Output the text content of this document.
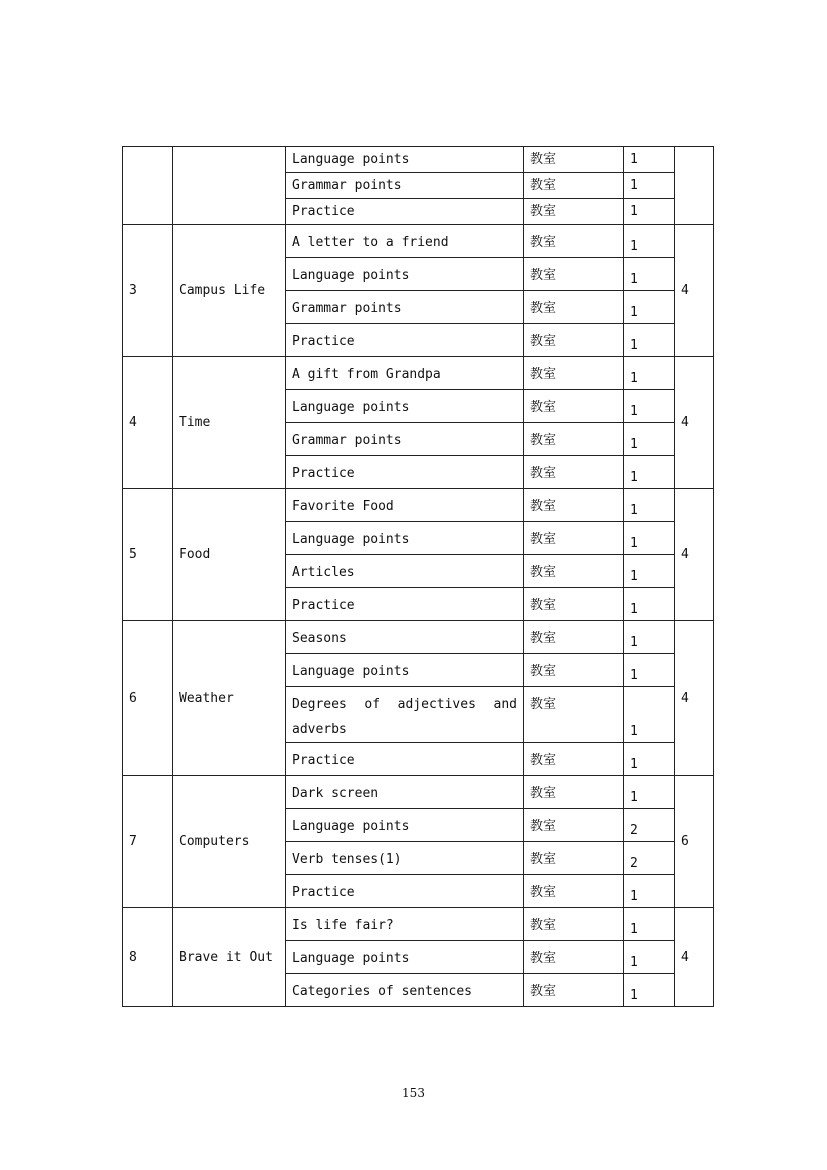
		Language points	教室	1	
		Grammar points	教室	1	
		Practice	教室	1	
3	Campus Life	A letter to a friend	教室	1	4
		Language points	教室	1	
		Grammar points	教室	1	
		Practice	教室	1	
4	Time	A gift from Grandpa	教室	1	4
		Language points	教室	1	
		Grammar points	教室	1	
		Practice	教室	1	
5	Food	Favorite Food	教室	1	4
		Language points	教室	1	
		Articles	教室	1	
		Practice	教室	1	
6	Weather	Seasons	教室	1	4
		Language points	教室	1	
		Degrees of adjectives and adverbs	教室	1	
		Practice	教室	1	
7	Computers	Dark screen	教室	1	6
		Language points	教室	2	
		Verb tenses(1)	教室	2	
		Practice	教室	1	
8	Brave it Out	Is life fair?	教室	1	4
		Language points	教室	1	
		Categories of sentences	教室	1	
153
